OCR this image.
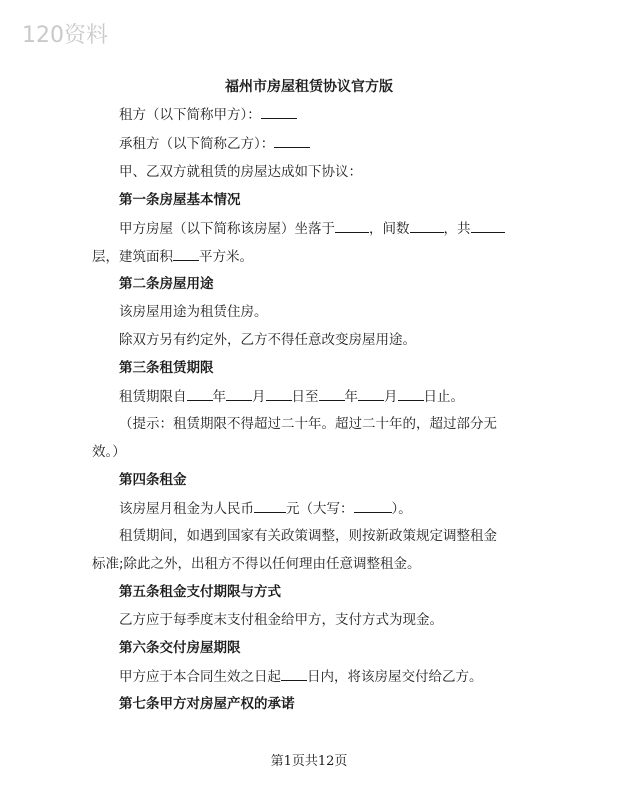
120资料
福州市房屋租赁协议官方版
租方（以下简称甲方）：
承租方（以下简称乙方）：
甲、乙双方就租赁的房屋达成如下协议：
第一条房屋基本情况
甲方房屋（以下简称该房屋）坐落于	，间数	，共
层，建筑面积 平方米。
第二条房屋用途
该房屋用途为租赁住房。
除双方另有约定外，乙方不得任意改变房屋用途。
第三条租赁期限
租赁期限自 年 月 日至 年 月 日止。
（提示：租赁期限不得超过二十年。超过二十年的，超过部分无
效。）
第四条租金
该房屋月租金为人民币 元（大写：	）。
租赁期间，如遇到国家有关政策调整，则按新政策规定调整租金
标准;除此之外，出租方不得以任何理由任意调整租金。
第五条租金支付期限与方式
乙方应于每季度末支付租金给甲方，支付方式为现金。
第六条交付房屋期限
甲方应于本合同生效之日起 日内，将该房屋交付给乙方。
第七条甲方对房屋产权的承诺
第1页共12页
